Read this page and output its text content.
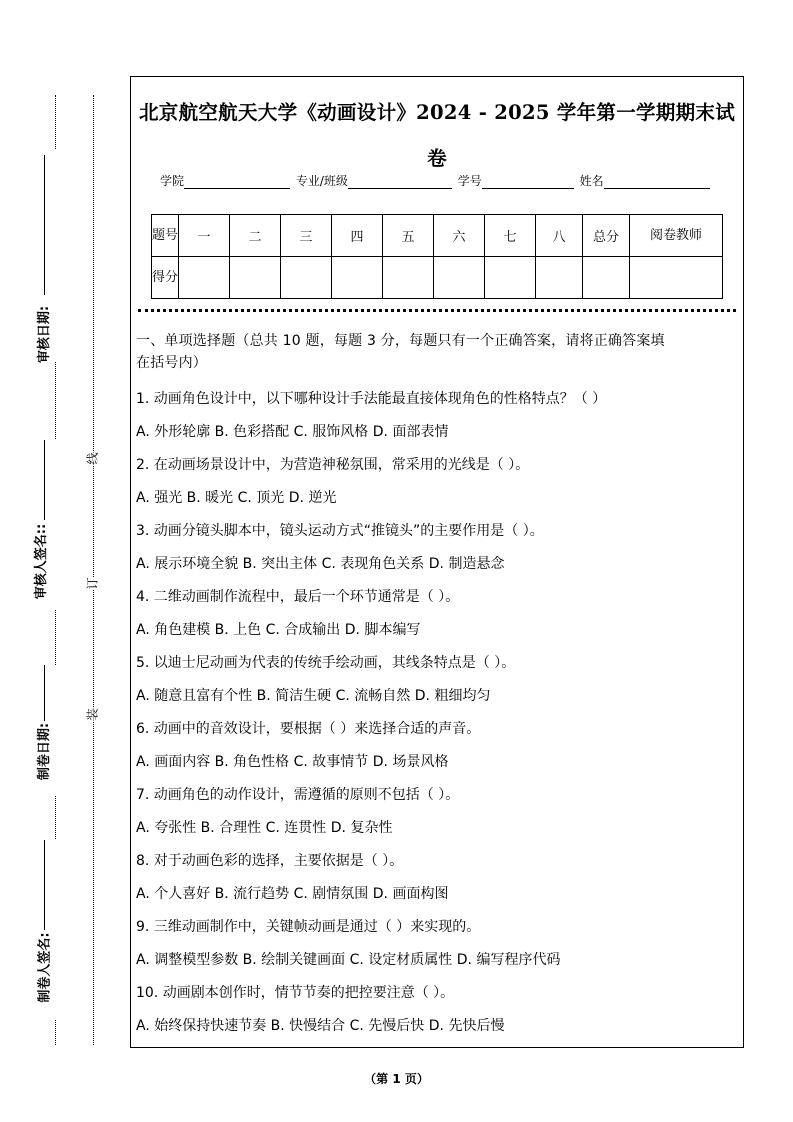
审核日期:
审核人签名::
制卷日期:
制卷人签名:
线
订
装
北京航空航天大学《动画设计》2024 - 2025 学年第一学期期末试
卷
学院	专业/班级	学号	姓名
题号	一	二	三	四	五	六	七	八	总分	阅卷教师
得分										

一、单项选择题（总共 10 题，每题 3 分，每题只有一个正确答案，请将正确答案填

在括号内）

1. 动画角色设计中，以下哪种设计手法能最直接体现角色的性格特点？（ ）
A. 外形轮廓 B. 色彩搭配 C. 服饰风格 D. 面部表情
2. 在动画场景设计中，为营造神秘氛围，常采用的光线是（ ）。
A. 强光 B. 暖光 C. 顶光 D. 逆光
3. 动画分镜头脚本中，镜头运动方式“推镜头”的主要作用是（ ）。
A. 展示环境全貌 B. 突出主体 C. 表现角色关系 D. 制造悬念
4. 二维动画制作流程中，最后一个环节通常是（ ）。
A. 角色建模 B. 上色 C. 合成输出 D. 脚本编写
5. 以迪士尼动画为代表的传统手绘动画，其线条特点是（ ）。
A. 随意且富有个性 B. 简洁生硬 C. 流畅自然 D. 粗细均匀
6. 动画中的音效设计，要根据（ ）来选择合适的声音。
A. 画面内容 B. 角色性格 C. 故事情节 D. 场景风格
7. 动画角色的动作设计，需遵循的原则不包括（ ）。
A. 夸张性 B. 合理性 C. 连贯性 D. 复杂性
8. 对于动画色彩的选择，主要依据是（ ）。
A. 个人喜好 B. 流行趋势 C. 剧情氛围 D. 画面构图
9. 三维动画制作中，关键帧动画是通过（ ）来实现的。
A. 调整模型参数 B. 绘制关键画面 C. 设定材质属性 D. 编写程序代码
10. 动画剧本创作时，情节节奏的把控要注意（ ）。
A. 始终保持快速节奏 B. 快慢结合 C. 先慢后快 D. 先快后慢
（第 1 页）
